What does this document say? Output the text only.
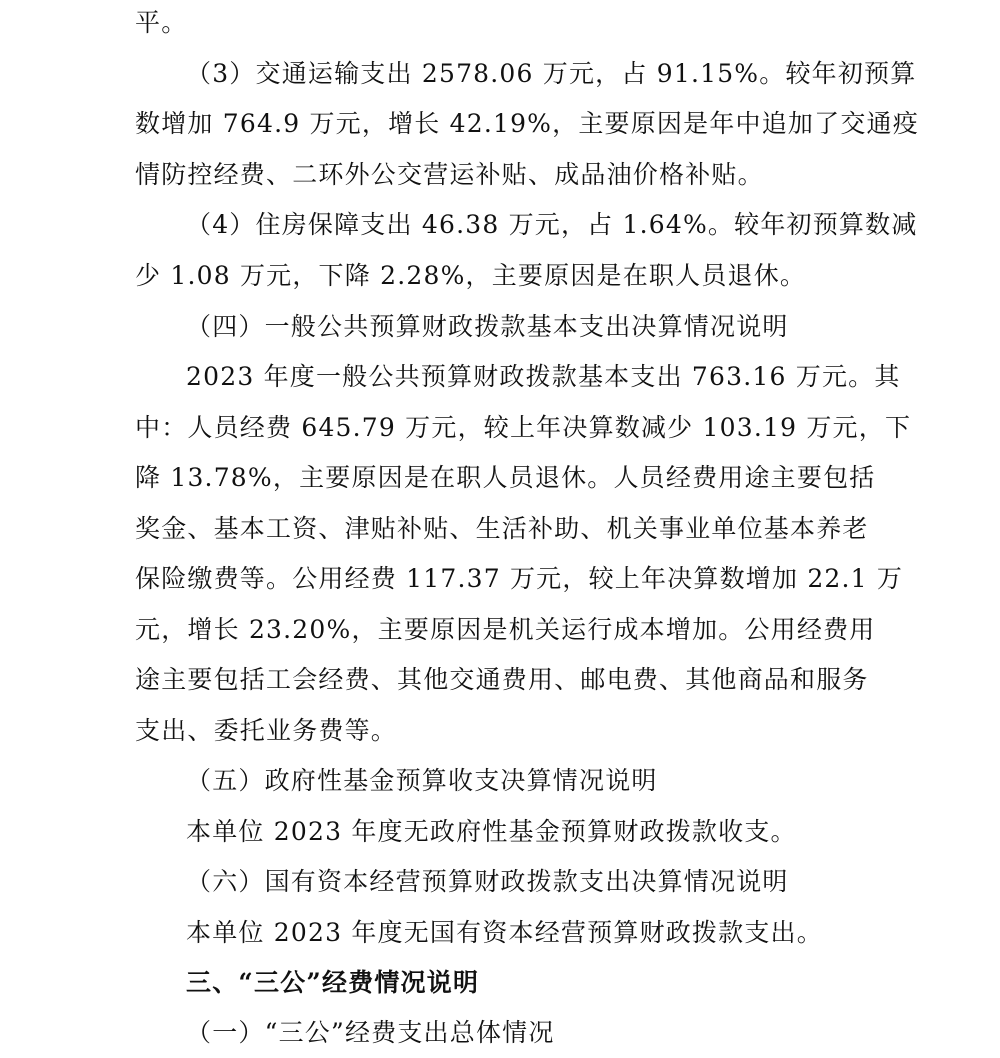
平。
（3）交通运输支出 2578.06 万元，占 91.15%。较年初预算
数增加 764.9 万元，增长 42.19%，主要原因是年中追加了交通疫
情防控经费、二环外公交营运补贴、成品油价格补贴。
（4）住房保障支出 46.38 万元，占 1.64%。较年初预算数减
少 1.08 万元，下降 2.28%，主要原因是在职人员退休。
（四）一般公共预算财政拨款基本支出决算情况说明
2023 年度一般公共预算财政拨款基本支出 763.16 万元。其
中：人员经费 645.79 万元，较上年决算数减少 103.19 万元，下
降 13.78%，主要原因是在职人员退休。人员经费用途主要包括
奖金、基本工资、津贴补贴、生活补助、机关事业单位基本养老
保险缴费等。公用经费 117.37 万元，较上年决算数增加 22.1 万
元，增长 23.20%，主要原因是机关运行成本增加。公用经费用
途主要包括工会经费、其他交通费用、邮电费、其他商品和服务
支出、委托业务费等。
（五）政府性基金预算收支决算情况说明
本单位 2023 年度无政府性基金预算财政拨款收支。
（六）国有资本经营预算财政拨款支出决算情况说明
本单位 2023 年度无国有资本经营预算财政拨款支出。
三、“三公”经费情况说明
（一）“三公”经费支出总体情况
